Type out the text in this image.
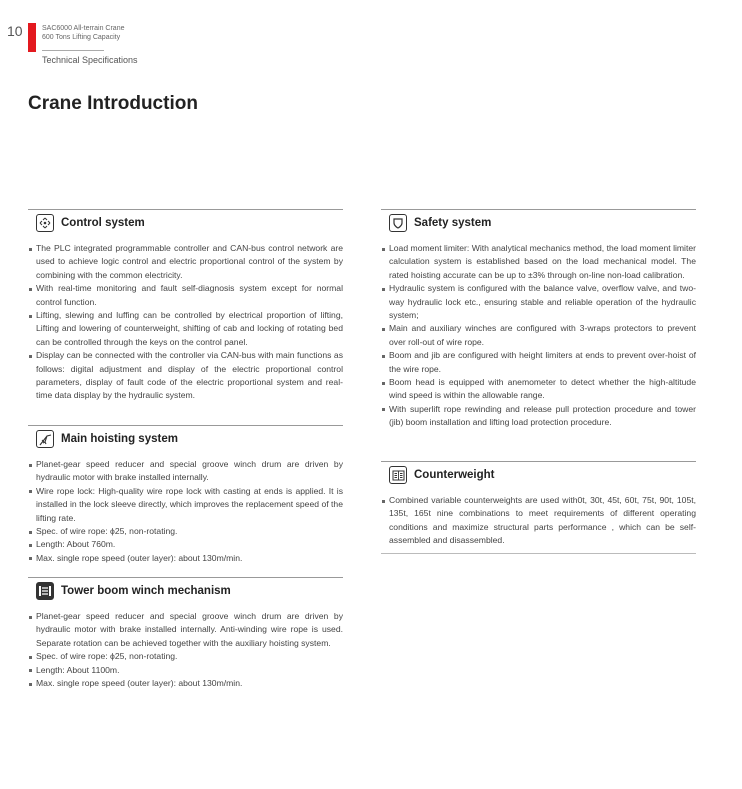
10	SAC6000 All-terrain Crane
600 Tons Lifting Capacity
Technical Specifications
Crane Introduction
Control system
The PLC integrated programmable controller and CAN-bus control network are used to achieve logic control and electric proportional control of the system by combining with the common electricity.
With real-time monitoring and fault self-diagnosis system except for normal control function.
Lifting, slewing and luffing can be controlled by electrical proportion of lifting, Lifting and lowering of counterweight, shifting of cab and locking of rotating bed can be controlled through the keys on the control panel.
Display can be connected with the controller via CAN-bus with main functions as follows: digital adjustment and display of the electric proportional control parameters, display of fault code of the electric proportional system and real-time data display by the hydraulic system.
Main hoisting system
Planet-gear speed reducer and special groove winch drum are driven by hydraulic motor with brake installed internally.
Wire rope lock: High-quality wire rope lock with casting at ends is applied. It is installed in the lock sleeve directly, which improves the replacement speed of the lifting rate.
Spec. of wire rope: ϕ25, non-rotating.
Length: About 760m.
Max. single rope speed (outer layer): about 130m/min.
Tower boom winch mechanism
Planet-gear speed reducer and special groove winch drum are driven by hydraulic motor with brake installed internally. Anti-winding wire rope is used. Separate rotation can be achieved together with the auxiliary hoisting system.
Spec. of wire rope: ϕ25, non-rotating.
Length: About 1100m.
Max. single rope speed (outer layer): about 130m/min.
Safety system
Load moment limiter: With analytical mechanics method, the load moment limiter calculation system is established based on the load mechanical model. The rated hoisting accurate can be up to ±3% through on-line non-load calibration.
Hydraulic system is configured with the balance valve, overflow valve, and two-way hydraulic lock etc., ensuring stable and reliable operation of the hydraulic system;
Main and auxiliary winches are configured with 3-wraps protectors to prevent over roll-out of wire rope.
Boom and jib are configured with height limiters at ends to prevent over-hoist of the wire rope.
Boom head is equipped with anemometer to detect whether the high-altitude wind speed is within the allowable range.
With superlift rope rewinding and release pull protection procedure and tower (jib) boom installation and lifting load protection procedure.
Counterweight
Combined variable counterweights are used with0t, 30t, 45t, 60t, 75t, 90t, 105t, 135t, 165t nine combinations to meet requirements of different operating conditions and maximize structural parts performance , which can be self-assembled and disassembled.
